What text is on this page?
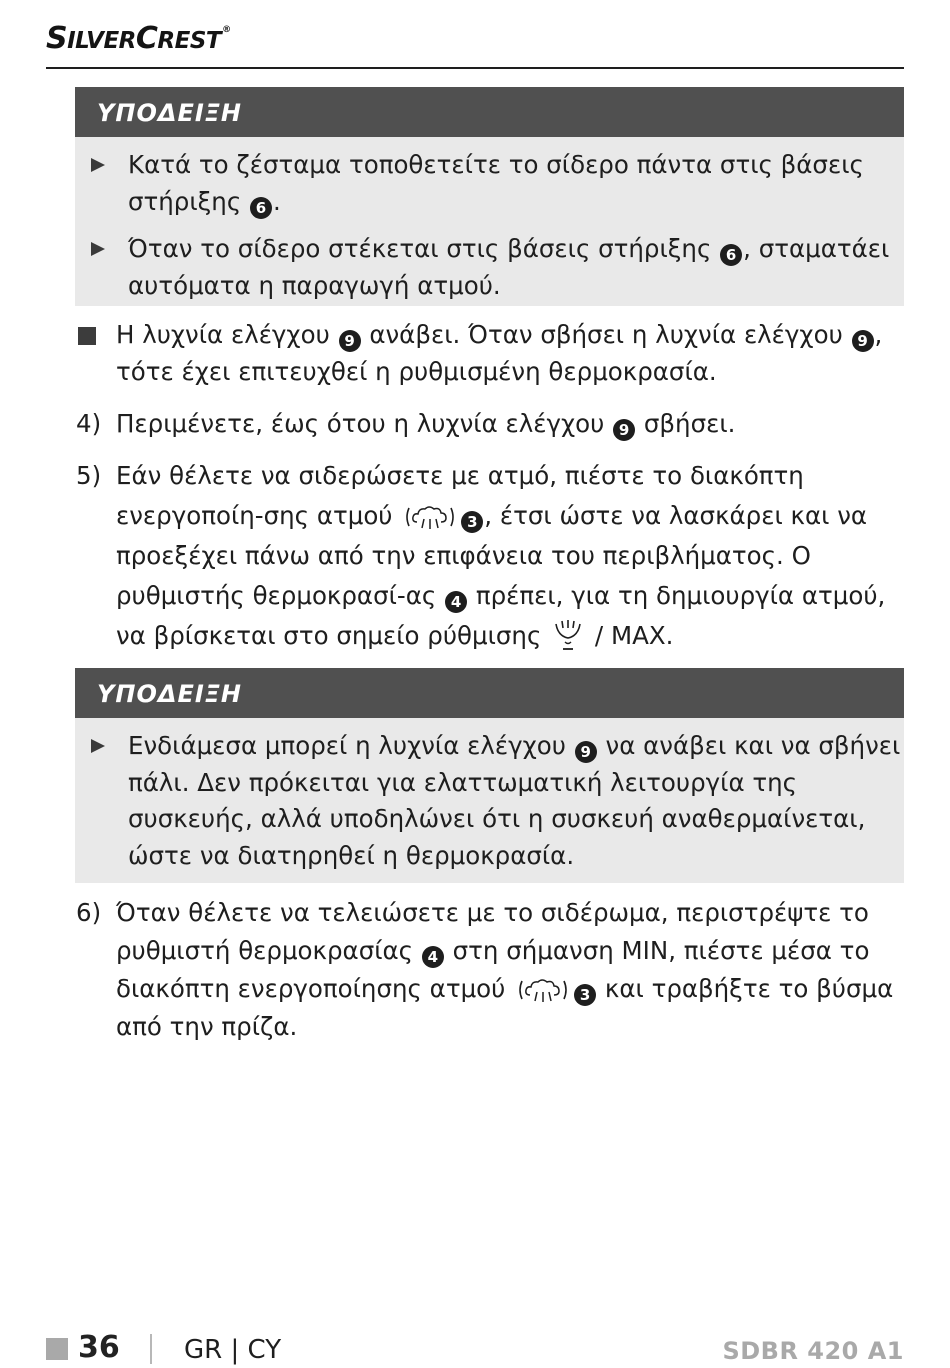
SILVERCREST®
ΥΠΟΔΕΙΞΗ
Κατά το ζέσταμα τοποθετείτε το σίδερο πάντα στις βάσεις στήριξης 6 .
Όταν το σίδερο στέκεται στις βάσεις στήριξης 6 , σταματάει αυτόματα η παραγωγή ατμού.
Η λυχνία ελέγχου 9 ανάβει. Όταν σβήσει η λυχνία ελέγχου 9 , τότε έχει επιτευχθεί η ρυθμισμένη θερμοκρασία.
4) Περιμένετε, έως ότου η λυχνία ελέγχου 9 σβήσει.
5) Εάν θέλετε να σιδερώσετε με ατμό, πιέστε το διακόπτη ενεργοποίη-σης ατμού	3 , έτσι ώστε να λασκάρει και να προεξέχει πάνω από την επιφάνεια του περιβλήματος. Ο ρυθμιστής θερμοκρασί-ας 4 πρέπει, για τη δημιουργία ατμού, να βρίσκεται στο σημείο ρύθμισης  / MAX.
ΥΠΟΔΕΙΞΗ
Ενδιάμεσα μπορεί η λυχνία ελέγχου 9 να ανάβει και να σβήνει πάλι. Δεν πρόκειται για ελαττωματική λειτουργία της συσκευής, αλλά υποδηλώνει ότι η συσκευή αναθερμαίνεται, ώστε να διατηρηθεί η θερμοκρασία.
6) Όταν θέλετε να τελειώσετε με το σιδέρωμα, περιστρέψτε το ρυθμιστή θερμοκρασίας 4 στη σήμανση MIN, πιέστε μέσα το διακόπτη ενεργοποίησης ατμού	3 και τραβήξτε το βύσμα από την πρίζα.
36 GR | CY	SDBR 420 A1
